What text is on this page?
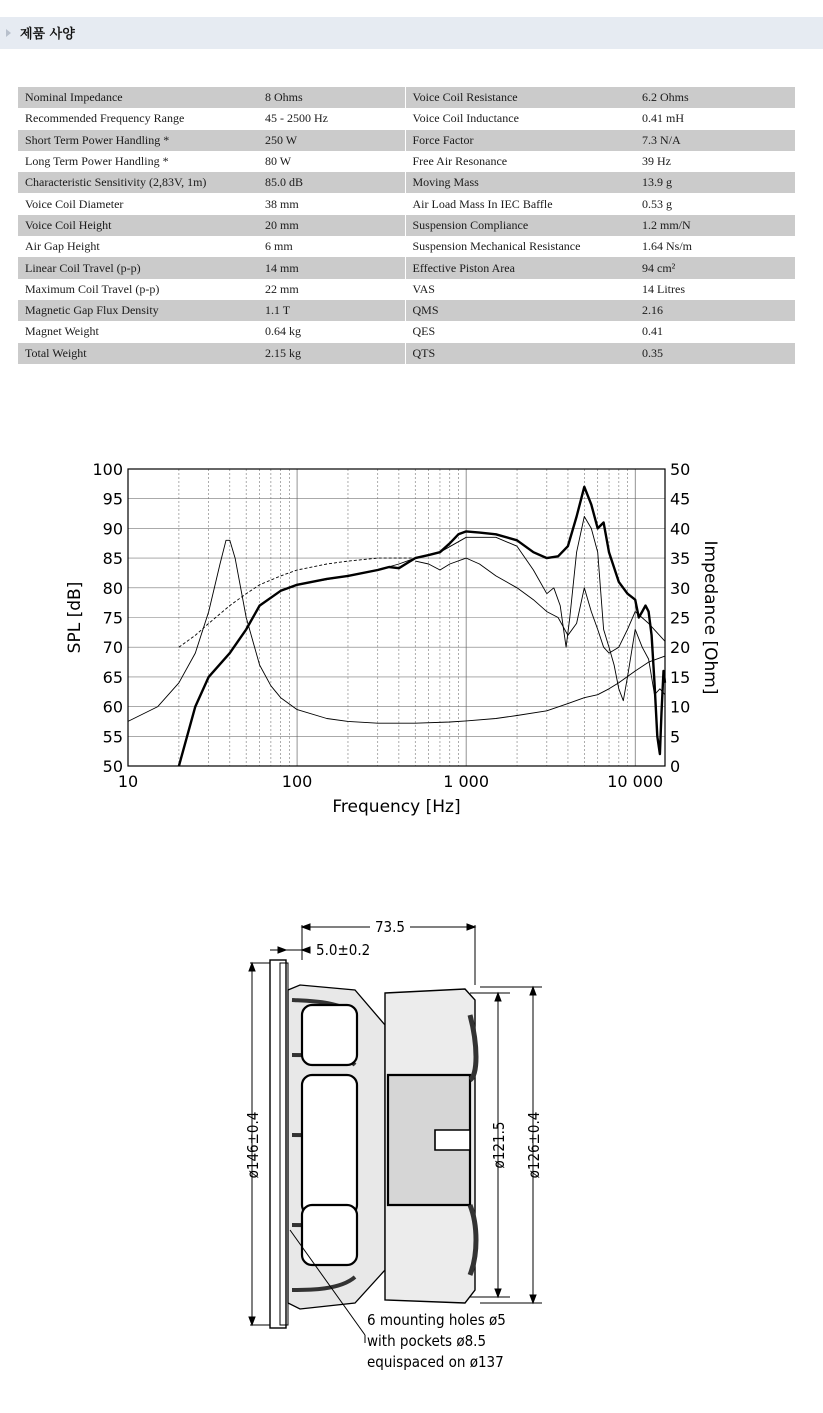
제품 사양
Nominal Impedance	8 Ohms	Voice Coil Resistance	6.2 Ohms
Recommended Frequency Range	45 - 2500 Hz	Voice Coil Inductance	0.41 mH
Short Term Power Handling *	250 W	Force Factor	7.3 N/A
Long Term Power Handling *	80 W	Free Air Resonance	39 Hz
Characteristic Sensitivity (2,83V, 1m)	85.0 dB	Moving Mass	13.9 g
Voice Coil Diameter	38 mm	Air Load Mass In IEC Baffle	0.53 g
Voice Coil Height	20 mm	Suspension Compliance	1.2 mm/N
Air Gap Height	6 mm	Suspension Mechanical Resistance	1.64 Ns/m
Linear Coil Travel (p-p)	14 mm	Effective Piston Area	94 cm²
Maximum Coil Travel (p-p)	22 mm	VAS	14 Litres
Magnetic Gap Flux Density	1.1 T	QMS	2.16
Magnet Weight	0.64 kg	QES	0.41
Total Weight	2.15 kg	QTS	0.35
50
55
60
65
70
75
80
85
90
95
100
0
5
10
15
20
25
30
35
40
45
50
10	100	1 000	10 000
Frequency [Hz]
SPL [dB]	Impedance [Ohm]
73.5
5.0±0.2
ø146±0.4	ø121.5 ø126±0.4
6 mounting holes ø5
with pockets ø8.5
equispaced on ø137
